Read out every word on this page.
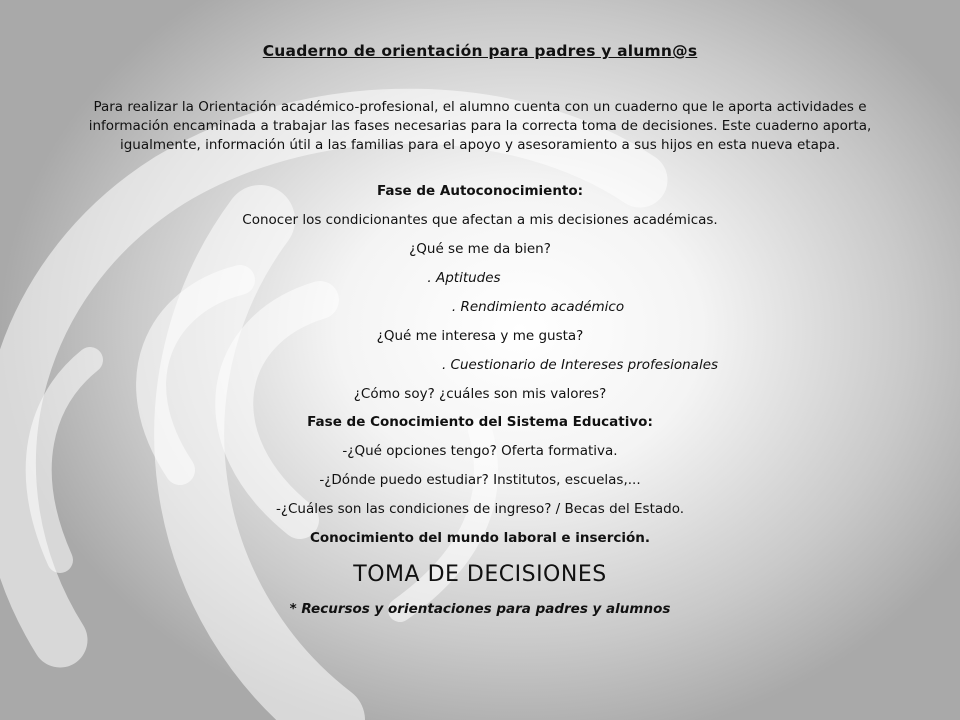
Cuaderno de orientación para padres y alumn@s
Para realizar la Orientación académico-profesional, el alumno cuenta con un cuaderno que le aporta actividades e información encaminada a trabajar las fases necesarias para la correcta toma de decisiones. Este cuaderno aporta, igualmente, información útil a las familias para el apoyo y asesoramiento a sus hijos en esta nueva etapa.
Fase de Autoconocimiento:
Conocer los condicionantes que afectan a mis decisiones académicas.
¿Qué se me da bien?
. Aptitudes
. Rendimiento académico
¿Qué me interesa y me gusta?
. Cuestionario de Intereses profesionales
¿Cómo soy? ¿cuáles son mis valores?
Fase de Conocimiento del Sistema Educativo:
-¿Qué opciones tengo? Oferta formativa.
-¿Dónde puedo estudiar? Institutos, escuelas,...
-¿Cuáles son las condiciones de ingreso? / Becas del Estado.
Conocimiento del mundo laboral e inserción.
TOMA DE DECISIONES
* Recursos y orientaciones para padres y alumnos
